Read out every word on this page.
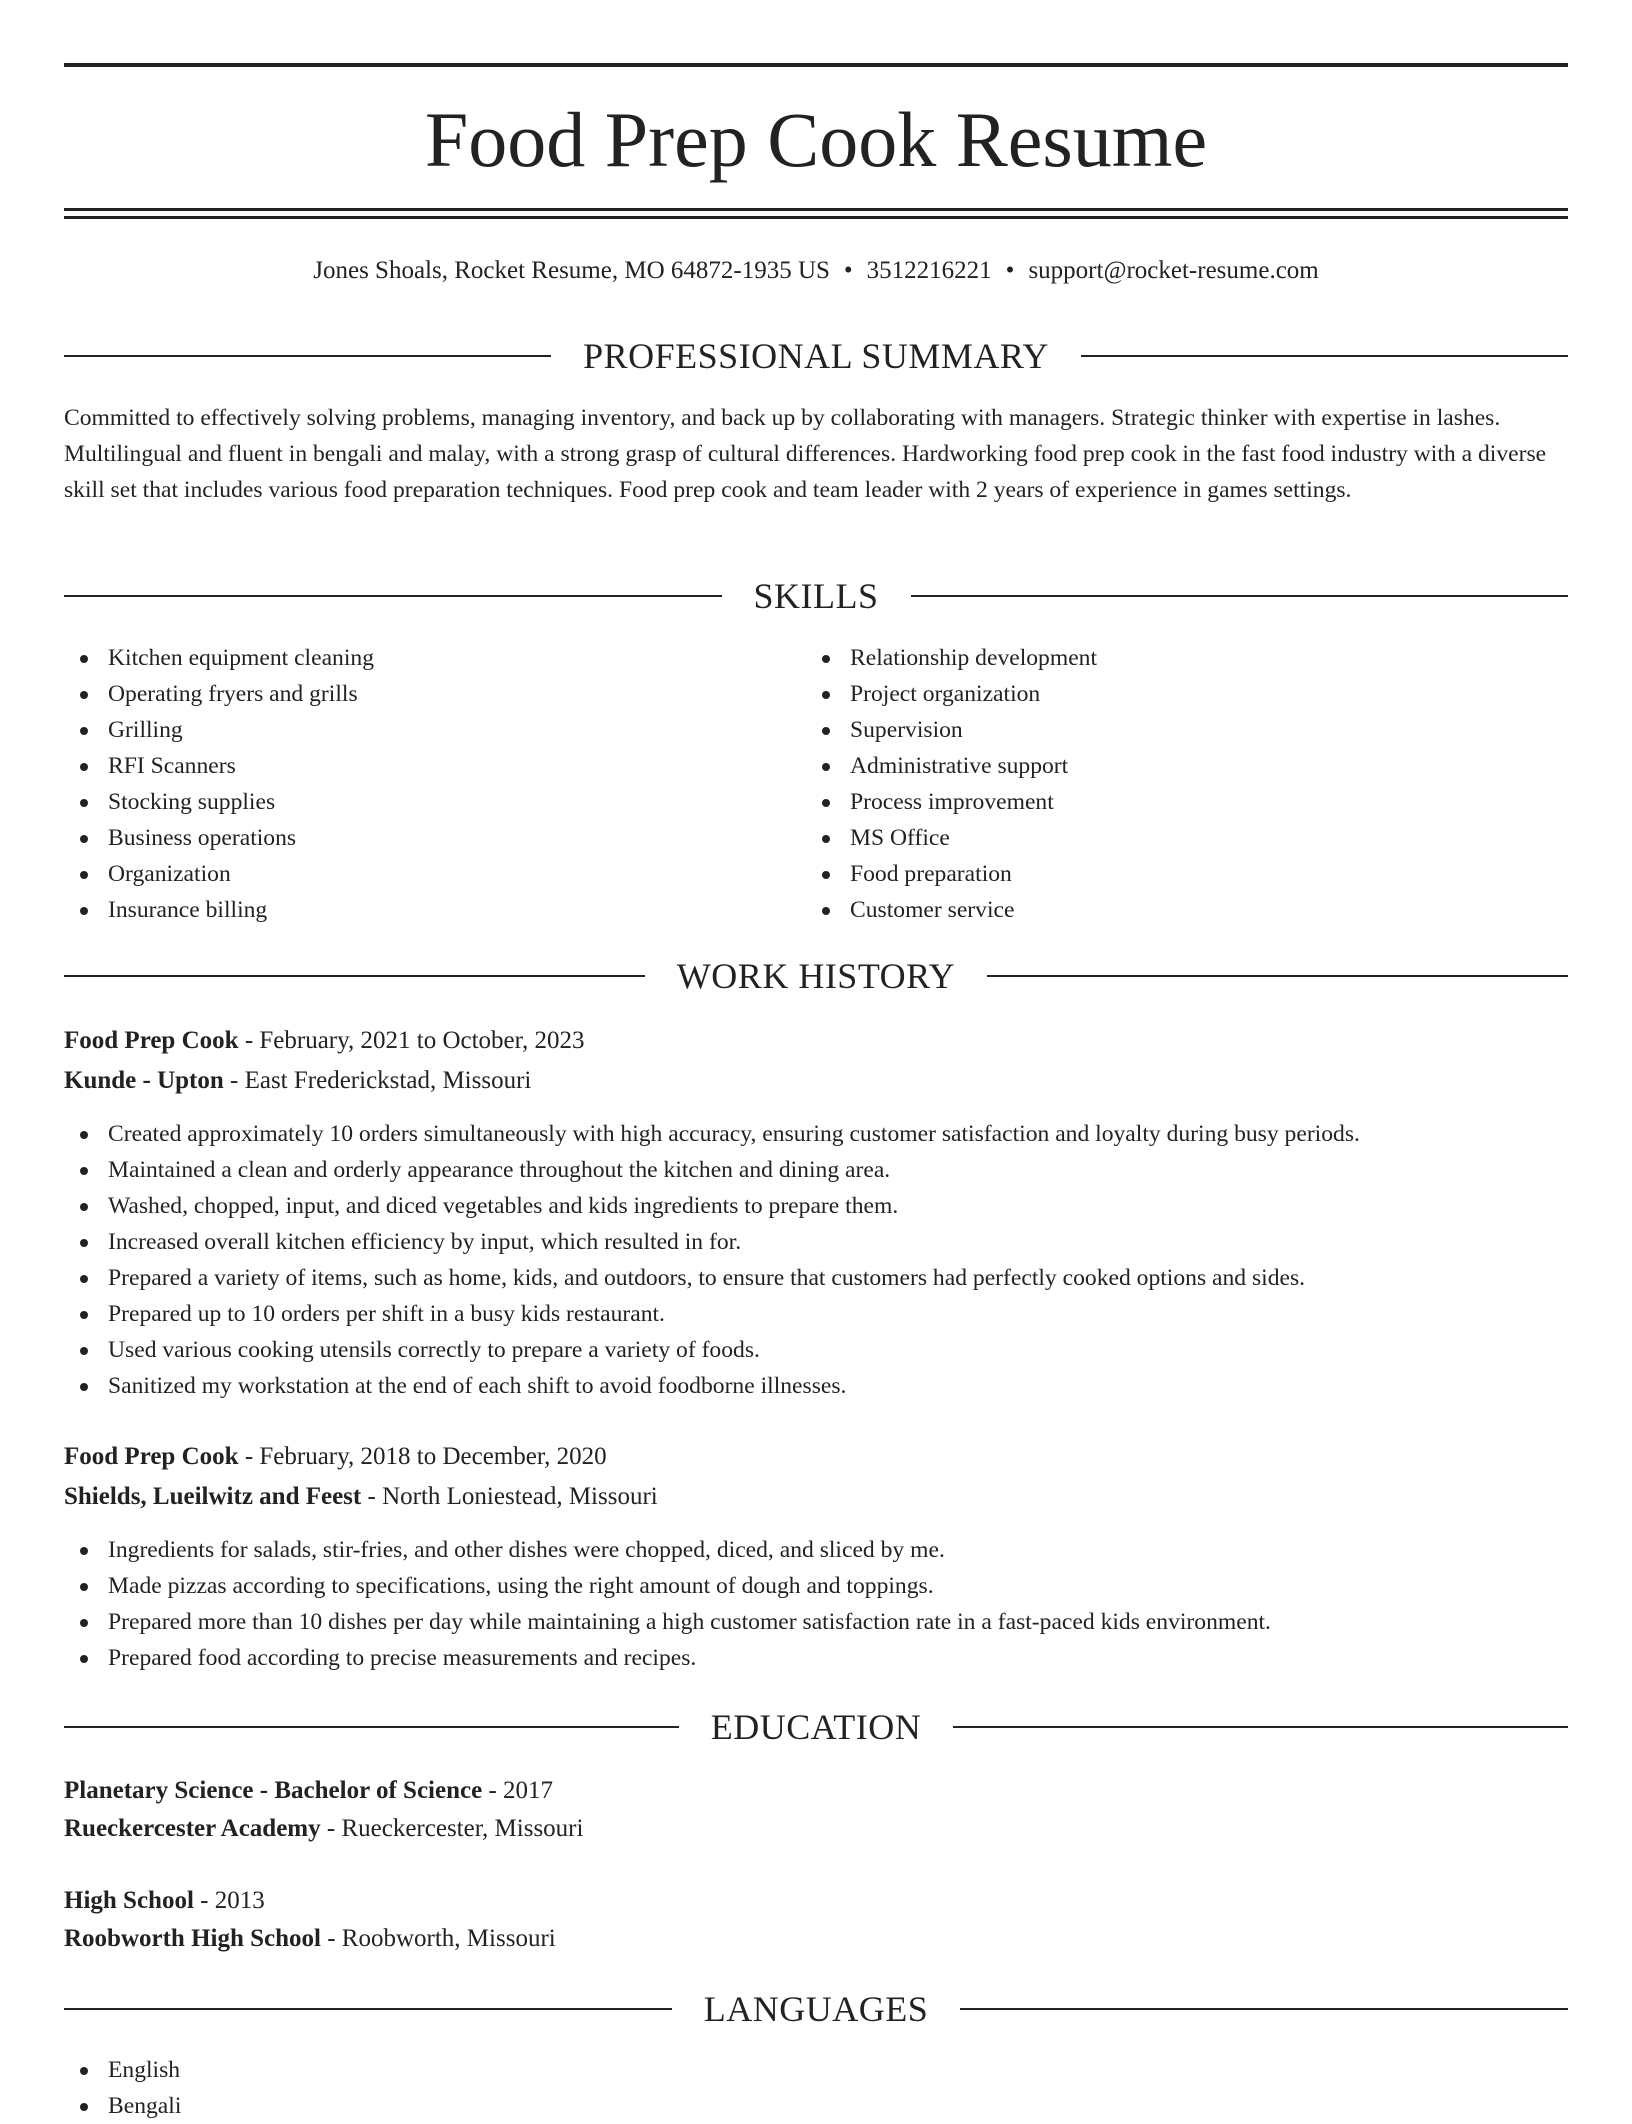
Food Prep Cook Resume
Jones Shoals, Rocket Resume, MO 64872-1935 US • 3512216221 • support@rocket-resume.com
PROFESSIONAL SUMMARY

Committed to effectively solving problems, managing inventory, and back up by collaborating with managers. Strategic thinker with expertise in lashes. Multilingual and fluent in bengali and malay, with a strong grasp of cultural differences. Hardworking food prep cook in the fast food industry with a diverse skill set that includes various food preparation techniques. Food prep cook and team leader with 2 years of experience in games settings.

SKILLS
Kitchen equipment cleaning
Operating fryers and grills
Grilling
RFI Scanners
Stocking supplies
Business operations
Organization
Insurance billing
Relationship development
Project organization
Supervision
Administrative support
Process improvement
MS Office
Food preparation
Customer service
WORK HISTORY
Food Prep Cook - February, 2021 to October, 2023
Kunde - Upton - East Frederickstad, Missouri
Created approximately 10 orders simultaneously with high accuracy, ensuring customer satisfaction and loyalty during busy periods.
Maintained a clean and orderly appearance throughout the kitchen and dining area.
Washed, chopped, input, and diced vegetables and kids ingredients to prepare them.
Increased overall kitchen efficiency by input, which resulted in for.
Prepared a variety of items, such as home, kids, and outdoors, to ensure that customers had perfectly cooked options and sides.
Prepared up to 10 orders per shift in a busy kids restaurant.
Used various cooking utensils correctly to prepare a variety of foods.
Sanitized my workstation at the end of each shift to avoid foodborne illnesses.
Food Prep Cook - February, 2018 to December, 2020
Shields, Lueilwitz and Feest - North Loniestead, Missouri
Ingredients for salads, stir-fries, and other dishes were chopped, diced, and sliced by me.
Made pizzas according to specifications, using the right amount of dough and toppings.
Prepared more than 10 dishes per day while maintaining a high customer satisfaction rate in a fast-paced kids environment.
Prepared food according to precise measurements and recipes.
EDUCATION
Planetary Science - Bachelor of Science - 2017
Rueckercester Academy - Rueckercester, Missouri
High School - 2013
Roobworth High School - Roobworth, Missouri
LANGUAGES
English
Bengali
